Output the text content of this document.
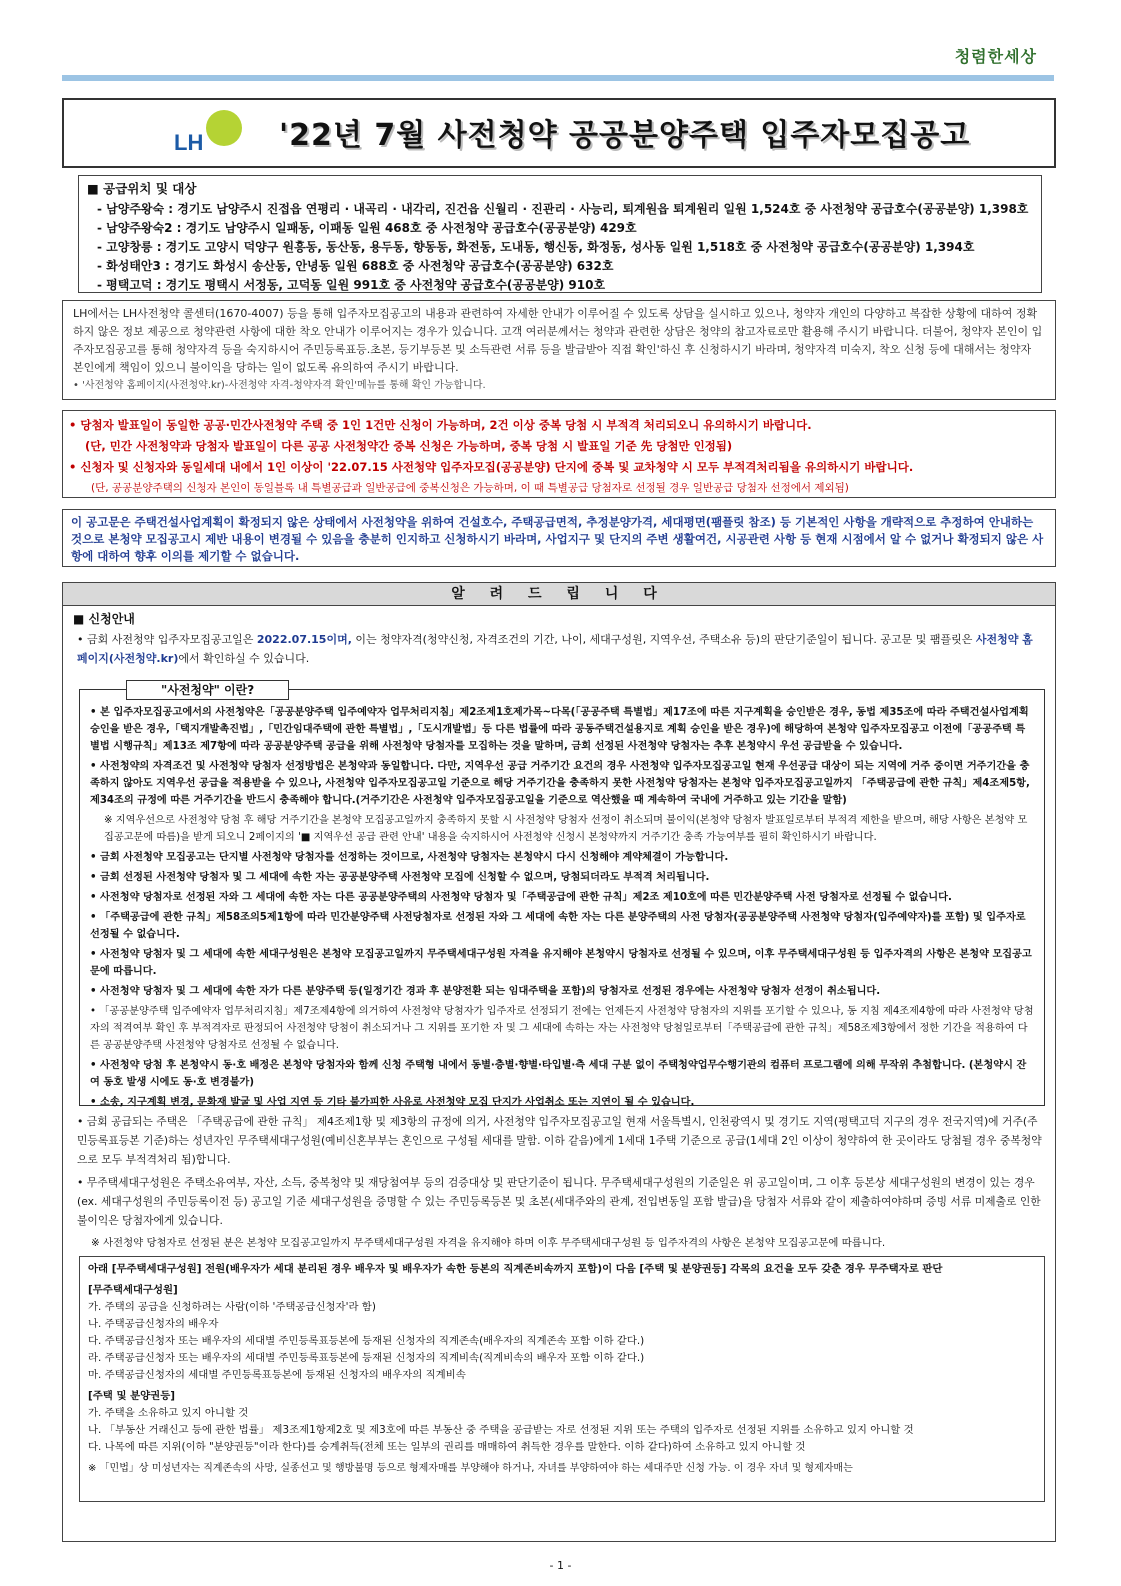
청렴한세상
LH	'22년 7월 사전청약 공공분양주택 입주자모집공고
■ 공급위치 및 대상
- 남양주왕숙 : 경기도 남양주시 진접읍 연평리 · 내곡리 · 내각리, 진건읍 신월리 · 진관리 · 사능리, 퇴계원읍 퇴계원리 일원 1,524호 중 사전청약 공급호수(공공분양) 1,398호
- 남양주왕숙2 : 경기도 남양주시 일패동, 이패동 일원 468호 중 사전청약 공급호수(공공분양) 429호
- 고양창릉 : 경기도 고양시 덕양구 원흥동, 동산동, 용두동, 향동동, 화전동, 도내동, 행신동, 화정동, 성사동 일원 1,518호 중 사전청약 공급호수(공공분양) 1,394호
- 화성태안3 : 경기도 화성시 송산동, 안녕동 일원 688호 중 사전청약 공급호수(공공분양) 632호
- 평택고덕 : 경기도 평택시 서정동, 고덕동 일원 991호 중 사전청약 공급호수(공공분양) 910호
LH에서는 LH사전청약 콜센터(1670-4007) 등을 통해 입주자모집공고의 내용과 관련하여 자세한 안내가 이루어질 수 있도록 상담을 실시하고 있으나, 청약자 개인의 다양하고 복잡한 상황에 대하여 정확하지 않은 정보 제공으로 청약관련 사항에 대한 착오 안내가 이루어지는 경우가 있습니다. 고객 여러분께서는 청약과 관련한 상담은 청약의 참고자료로만 활용해 주시기 바랍니다. 더불어, 청약자 본인이 입주자모집공고를 통해 청약자격 등을 숙지하시어 주민등록표등.초본, 등기부등본 및 소득관련 서류 등을 발급받아 직접 확인'하신 후 신청하시기 바라며, 청약자격 미숙지, 착오 신청 등에 대해서는 청약자 본인에게 책임이 있으니 불이익을 당하는 일이 없도록 유의하여 주시기 바랍니다.
• '사전청약 홈페이지(사전청약.kr)-사전청약 자격-청약자격 확인'메뉴를 통해 확인 가능합니다.
• 당첨자 발표일이 동일한 공공·민간사전청약 주택 중 1인 1건만 신청이 가능하며, 2건 이상 중복 당첨 시 부적격 처리되오니 유의하시기 바랍니다.
(단, 민간 사전청약과 당첨자 발표일이 다른 공공 사전청약간 중복 신청은 가능하며, 중복 당첨 시 발표일 기준 先 당첨만 인정됨)
• 신청자 및 신청자와 동일세대 내에서 1인 이상이 '22.07.15 사전청약 입주자모집(공공분양) 단지에 중복 및 교차청약 시 모두 부적격처리됨을 유의하시기 바랍니다.
(단, 공공분양주택의 신청자 본인이 동일블록 내 특별공급과 일반공급에 중복신청은 가능하며, 이 때 특별공급 당첨자로 선정될 경우 일반공급 당첨자 선정에서 제외됨)
이 공고문은 주택건설사업계획이 확정되지 않은 상태에서 사전청약을 위하여 건설호수, 주택공급면적, 추정분양가격, 세대평면(팸플릿 참조) 등 기본적인 사항을 개략적으로 추정하여 안내하는 것으로 본청약 모집공고시 제반 내용이 변경될 수 있음을 충분히 인지하고 신청하시기 바라며, 사업지구 및 단지의 주변 생활여건, 시공관련 사항 등 현재 시점에서 알 수 없거나 확정되지 않은 사항에 대하여 향후 이의를 제기할 수 없습니다.
알 려 드 립 니 다
■ 신청안내
• 금회 사전청약 입주자모집공고일은 2022.07.15이며, 이는 청약자격(청약신청, 자격조건의 기간, 나이, 세대구성원, 지역우선, 주택소유 등)의 판단기준일이 됩니다. 공고문 및 팸플릿은 사전청약 홈페이지(사전청약.kr)에서 확인하실 수 있습니다.
"사전청약" 이란?
• 본 입주자모집공고에서의 사전청약은「공공분양주택 입주예약자 업무처리지침」제2조제1호제가목~다목(「공공주택 특별법」제17조에 따른 지구계획을 승인받은 경우, 동법 제35조에 따라 주택건설사업계획 승인을 받은 경우,「택지개발촉진법」,「민간임대주택에 관한 특별법」,「도시개발법」등 다른 법률에 따라 공동주택건설용지로 계획 승인을 받은 경우)에 해당하여 본청약 입주자모집공고 이전에「공공주택 특별법 시행규칙」제13조 제7항에 따라 공공분양주택 공급을 위해 사전청약 당첨자를 모집하는 것을 말하며, 금회 선정된 사전청약 당첨자는 추후 본청약시 우선 공급받을 수 있습니다.
• 사전청약의 자격조건 및 사전청약 당첨자 선정방법은 본청약과 동일합니다. 다만, 지역우선 공급 거주기간 요건의 경우 사전청약 입주자모집공고일 현재 우선공급 대상이 되는 지역에 거주 중이면 거주기간을 충족하지 않아도 지역우선 공급을 적용받을 수 있으나, 사전청약 입주자모집공고일 기준으로 해당 거주기간을 충족하지 못한 사전청약 당첨자는 본청약 입주자모집공고일까지 「주택공급에 관한 규칙」제4조제5항, 제34조의 규정에 따른 거주기간을 반드시 충족해야 합니다.(거주기간은 사전청약 입주자모집공고일을 기준으로 역산했을 때 계속하여 국내에 거주하고 있는 기간을 말함)
※ 지역우선으로 사전청약 당첨 후 해당 거주기간을 본청약 모집공고일까지 충족하지 못할 시 사전청약 당첨자 선정이 취소되며 불이익(본청약 당첨자 발표일로부터 부적격 제한을 받으며, 해당 사항은 본청약 모집공고문에 따름)을 받게 되오니 2페이지의 '■ 지역우선 공급 관련 안내' 내용을 숙지하시어 사전청약 신청시 본청약까지 거주기간 충족 가능여부를 필히 확인하시기 바랍니다.
• 금회 사전청약 모집공고는 단지별 사전청약 당첨자를 선정하는 것이므로, 사전청약 당첨자는 본청약시 다시 신청해야 계약체결이 가능합니다.
• 금회 선정된 사전청약 당첨자 및 그 세대에 속한 자는 공공분양주택 사전청약 모집에 신청할 수 없으며, 당첨되더라도 부적격 처리됩니다.
• 사전청약 당첨자로 선정된 자와 그 세대에 속한 자는 다른 공공분양주택의 사전청약 당첨자 및「주택공급에 관한 규칙」제2조 제10호에 따른 민간분양주택 사전 당첨자로 선정될 수 없습니다.
• 「주택공급에 관한 규칙」제58조의5제1항에 따라 민간분양주택 사전당첨자로 선정된 자와 그 세대에 속한 자는 다른 분양주택의 사전 당첨자(공공분양주택 사전청약 당첨자(입주예약자)를 포함) 및 입주자로 선정될 수 없습니다.
• 사전청약 당첨자 및 그 세대에 속한 세대구성원은 본청약 모집공고일까지 무주택세대구성원 자격을 유지해야 본청약시 당첨자로 선정될 수 있으며, 이후 무주택세대구성원 등 입주자격의 사항은 본청약 모집공고문에 따릅니다.
• 사전청약 당첨자 및 그 세대에 속한 자가 다른 분양주택 등(일정기간 경과 후 분양전환 되는 임대주택을 포함)의 당첨자로 선정된 경우에는 사전청약 당첨자 선정이 취소됩니다.
• 「공공분양주택 입주예약자 업무처리지침」제7조제4항에 의거하여 사전청약 당첨자가 입주자로 선정되기 전에는 언제든지 사전청약 당첨자의 지위를 포기할 수 있으나, 동 지침 제4조제4항에 따라 사전청약 당첨자의 적격여부 확인 후 부적격자로 판정되어 사전청약 당첨이 취소되거나 그 지위를 포기한 자 및 그 세대에 속하는 자는 사전청약 당첨일로부터「주택공급에 관한 규칙」제58조제3항에서 정한 기간을 적용하여 다른 공공분양주택 사전청약 당첨자로 선정될 수 없습니다.
• 사전청약 당첨 후 본청약시 동·호 배정은 본청약 당첨자와 함께 신청 주택형 내에서 동별·층별·향별·타입별·측 세대 구분 없이 주택청약업무수행기관의 컴퓨터 프로그램에 의해 무작위 추첨합니다. (본청약시 잔여 동호 발생 시에도 동·호 변경불가)
• 소송, 지구계획 변경, 문화재 발굴 및 사업 지연 등 기타 불가피한 사유로 사전청약 모집 단지가 사업취소 또는 지연이 될 수 있습니다.
• 금회 공급되는 주택은 「주택공급에 관한 규칙」 제4조제1항 및 제3항의 규정에 의거, 사전청약 입주자모집공고일 현재 서울특별시, 인천광역시 및 경기도 지역(평택고덕 지구의 경우 전국지역)에 거주(주민등록표등본 기준)하는 성년자인 무주택세대구성원(예비신혼부부는 혼인으로 구성될 세대를 말함. 이하 같음)에게 1세대 1주택 기준으로 공급(1세대 2인 이상이 청약하여 한 곳이라도 당첨될 경우 중복청약으로 모두 부적격처리 됨)합니다.
• 무주택세대구성원은 주택소유여부, 자산, 소득, 중복청약 및 재당첨여부 등의 검증대상 및 판단기준이 됩니다. 무주택세대구성원의 기준일은 위 공고일이며, 그 이후 등본상 세대구성원의 변경이 있는 경우(ex. 세대구성원의 주민등록이전 등) 공고일 기준 세대구성원을 증명할 수 있는 주민등록등본 및 초본(세대주와의 관계, 전입변동일 포함 발급)을 당첨자 서류와 같이 제출하여야하며 증빙 서류 미제출로 인한 불이익은 당첨자에게 있습니다.
※ 사전청약 당첨자로 선정된 분은 본청약 모집공고일까지 무주택세대구성원 자격을 유지해야 하며 이후 무주택세대구성원 등 입주자격의 사항은 본청약 모집공고문에 따릅니다.
아래 [무주택세대구성원] 전원(배우자가 세대 분리된 경우 배우자 및 배우자가 속한 등본의 직계존비속까지 포함)이 다음 [주택 및 분양권등] 각목의 요건을 모두 갖춘 경우 무주택자로 판단
[무주택세대구성원]
가. 주택의 공급을 신청하려는 사람(이하 '주택공급신청자'라 함)
나. 주택공급신청자의 배우자
다. 주택공급신청자 또는 배우자의 세대별 주민등록표등본에 등재된 신청자의 직계존속(배우자의 직계존속 포함 이하 같다.)
라. 주택공급신청자 또는 배우자의 세대별 주민등록표등본에 등재된 신청자의 직계비속(직계비속의 배우자 포함 이하 같다.)
마. 주택공급신청자의 세대별 주민등록표등본에 등재된 신청자의 배우자의 직계비속
[주택 및 분양권등]
가. 주택을 소유하고 있지 아니할 것
나. 「부동산 거래신고 등에 관한 법률」 제3조제1항제2호 및 제3호에 따른 부동산 중 주택을 공급받는 자로 선정된 지위 또는 주택의 입주자로 선정된 지위를 소유하고 있지 아니할 것
다. 나목에 따른 지위(이하 "분양권등"이라 한다)를 승계취득(전체 또는 일부의 권리를 매매하여 취득한 경우를 말한다. 이하 같다)하여 소유하고 있지 아니할 것
※ 「민법」상 미성년자는 직계존속의 사망, 실종선고 및 행방불명 등으로 형제자매를 부양해야 하거나, 자녀를 부양하여야 하는 세대주만 신청 가능. 이 경우 자녀 및 형제자매는
- 1 -
